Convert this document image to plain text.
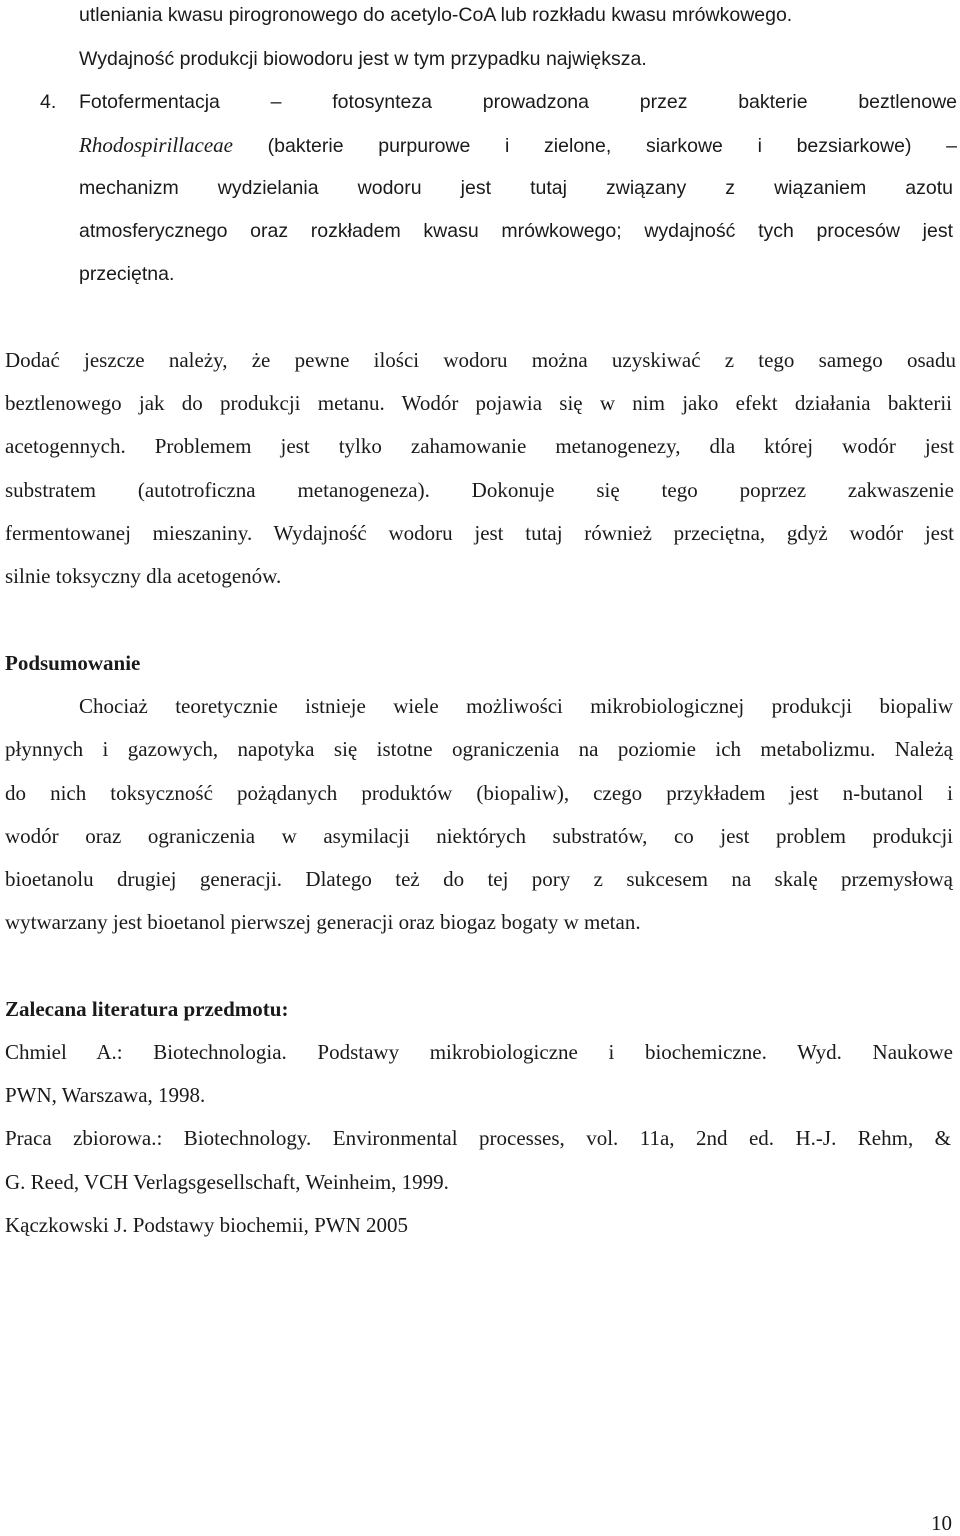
utleniania kwasu pirogronowego do acetylo-CoA lub rozkładu kwasu mrówkowego.
Wydajność produkcji biowodoru jest w tym przypadku największa.
4. Fotofermentacja – fotosynteza prowadzona przez bakterie beztlenowe
Rhodospirillaceae (bakterie purpurowe i zielone, siarkowe i bezsiarkowe) –
mechanizm wydzielania wodoru jest tutaj związany z wiązaniem azotu
atmosferycznego oraz rozkładem kwasu mrówkowego; wydajność tych procesów jest
przeciętna.
Dodać jeszcze należy, że pewne ilości wodoru można uzyskiwać z tego samego osadu
beztlenowego jak do produkcji metanu. Wodór pojawia się w nim jako efekt działania bakterii
acetogennych. Problemem jest tylko zahamowanie metanogenezy, dla której wodór jest
substratem (autotroficzna metanogeneza). Dokonuje się tego poprzez zakwaszenie
fermentowanej mieszaniny. Wydajność wodoru jest tutaj również przeciętna, gdyż wodór jest
silnie toksyczny dla acetogenów.
Podsumowanie
Chociaż teoretycznie istnieje wiele możliwości mikrobiologicznej produkcji biopaliw
płynnych i gazowych, napotyka się istotne ograniczenia na poziomie ich metabolizmu. Należą
do nich toksyczność pożądanych produktów (biopaliw), czego przykładem jest n-butanol i
wodór oraz ograniczenia w asymilacji niektórych substratów, co jest problem produkcji
bioetanolu drugiej generacji. Dlatego też do tej pory z sukcesem na skalę przemysłową
wytwarzany jest bioetanol pierwszej generacji oraz biogaz bogaty w metan.
Zalecana literatura przedmotu:
Chmiel A.: Biotechnologia. Podstawy mikrobiologiczne i biochemiczne. Wyd. Naukowe
PWN, Warszawa, 1998.
Praca zbiorowa.: Biotechnology. Environmental processes, vol. 11a, 2nd ed. H.-J. Rehm, &
G. Reed, VCH Verlagsgesellschaft, Weinheim, 1999.
Kączkowski J. Podstawy biochemii, PWN 2005
10
